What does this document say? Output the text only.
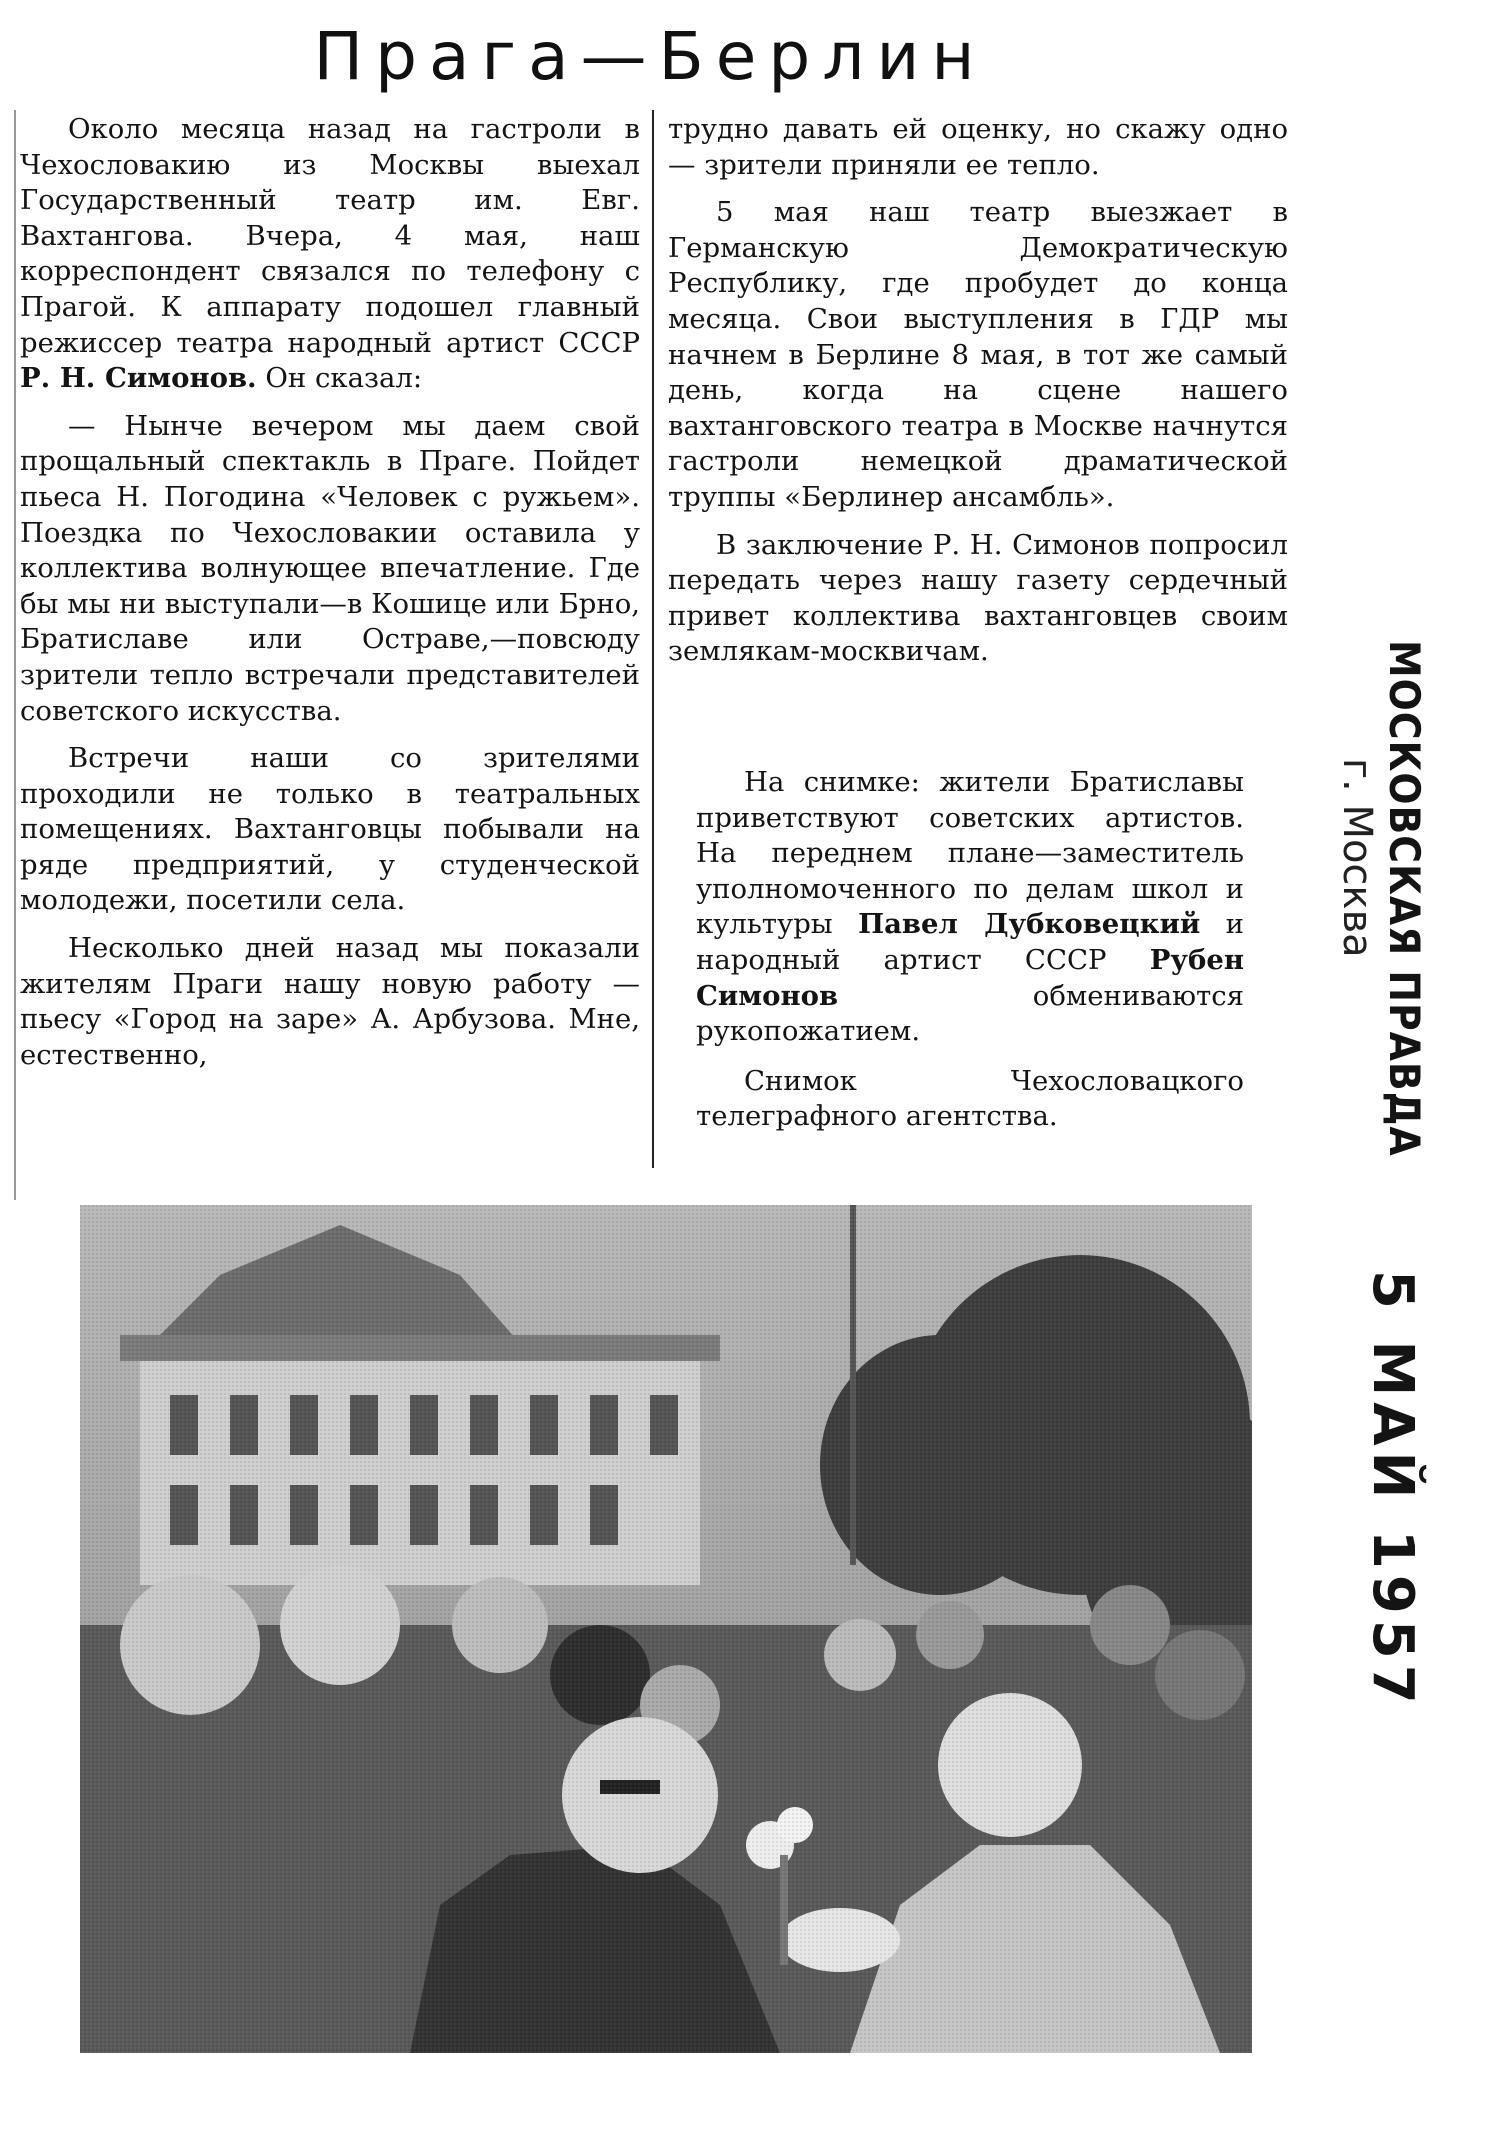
Прага—Берлин

Около месяца назад на гастроли в Чехословакию из Москвы выехал Государственный театр им. Евг. Вахтангова. Вчера, 4 мая, наш корреспондент связался по телефону с Прагой. К аппарату подошел главный режиссер театра народный артист СССР Р. Н. Симонов. Он сказал:

— Нынче вечером мы даем свой прощальный спектакль в Праге. Пойдет пьеса Н. Погодина «Человек с ружьем». Поездка по Чехословакии оставила у коллектива волнующее впечатление. Где бы мы ни выступали—в Кошице или Брно, Братиславе или Остраве,—повсюду зрители тепло встречали представителей советского искусства.

Встречи наши со зрителями проходили не только в театральных помещениях. Вахтанговцы побывали на ряде предприятий, у студенческой молодежи, посетили села.

Несколько дней назад мы показали жителям Праги нашу новую работу — пьесу «Город на заре» А. Арбузова. Мне, естественно,

трудно давать ей оценку, но скажу одно — зрители приняли ее тепло.

5 мая наш театр выезжает в Германскую Демократическую Республику, где пробудет до конца месяца. Свои выступления в ГДР мы начнем в Берлине 8 мая, в тот же самый день, когда на сцене нашего вахтанговского театра в Москве начнутся гастроли немецкой драматической труппы «Берлинер ансамбль».

В заключение Р. Н. Симонов попросил передать через нашу газету сердечный привет коллектива вахтанговцев своим землякам-москвичам.

На снимке: жители Братиславы приветствуют советских артистов. На переднем плане—заместитель уполномоченного по делам школ и культуры Павел Дубковецкий и народный артист СССР Рубен Симонов обмениваются рукопожатием.

Снимок Чехословацкого телеграфного агентства.	МОСКОВСКАЯ ПРАВДА
г. Москва
5 МАЙ 1957
